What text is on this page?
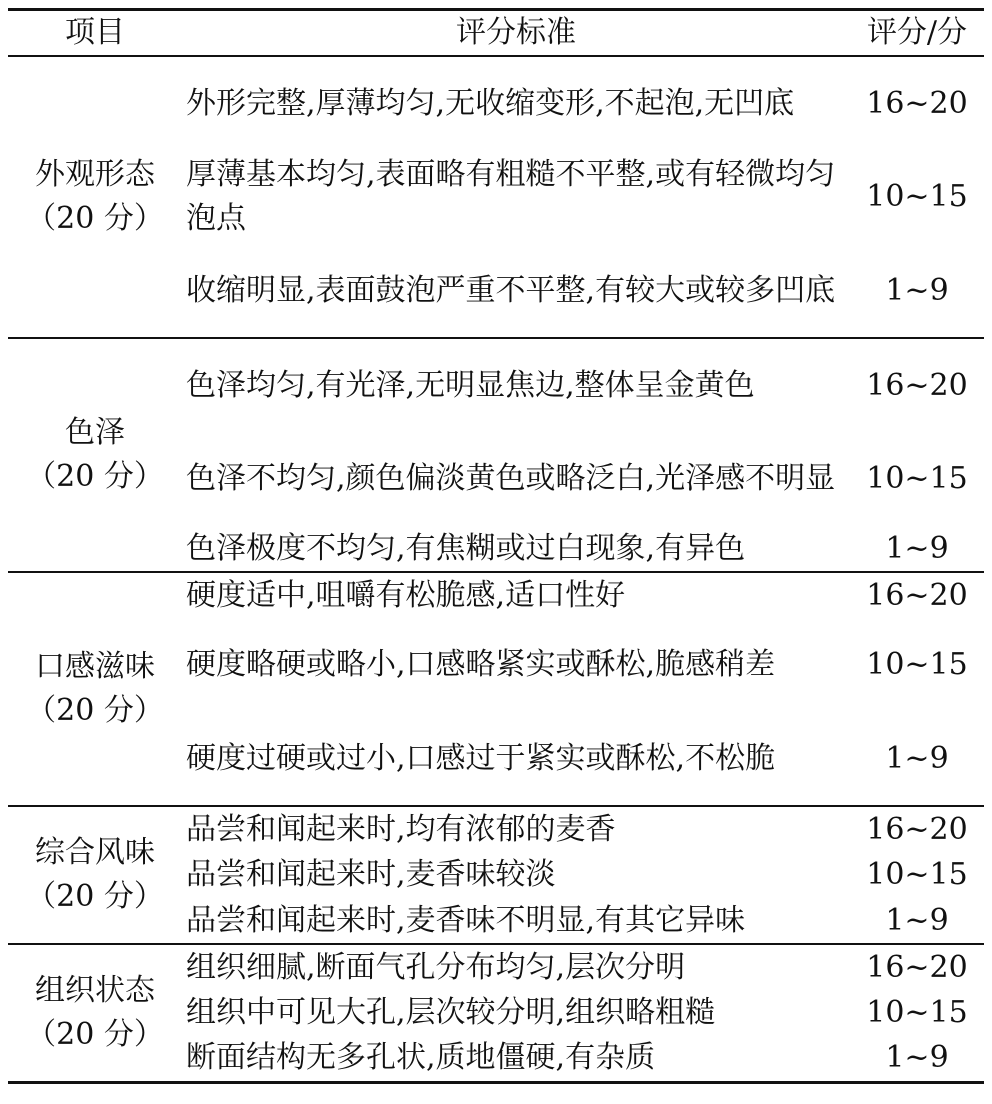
项目	评分标准	评分/分

外观形态
（20 分）	外形完整,厚薄均匀,无收缩变形,不起泡,无凹底	16~20
	厚薄基本均匀,表面略有粗糙不平整,或有轻微均匀泡点	10~15
	收缩明显,表面鼓泡严重不平整,有较大或较多凹底	1~9

色泽
（20 分）	色泽均匀,有光泽,无明显焦边,整体呈金黄色	16~20
	色泽不均匀,颜色偏淡黄色或略泛白,光泽感不明显	10~15
	色泽极度不均匀,有焦糊或过白现象,有异色	1~9

口感滋味
（20 分）	硬度适中,咀嚼有松脆感,适口性好	16~20
	硬度略硬或略小,口感略紧实或酥松,脆感稍差	10~15
	硬度过硬或过小,口感过于紧实或酥松,不松脆	1~9

综合风味
（20 分）	品尝和闻起来时,均有浓郁的麦香	16~20
	品尝和闻起来时,麦香味较淡	10~15
	品尝和闻起来时,麦香味不明显,有其它异味	1~9

组织状态
（20 分）	组织细腻,断面气孔分布均匀,层次分明	16~20
	组织中可见大孔,层次较分明,组织略粗糙	10~15
	断面结构无多孔状,质地僵硬,有杂质	1~9
